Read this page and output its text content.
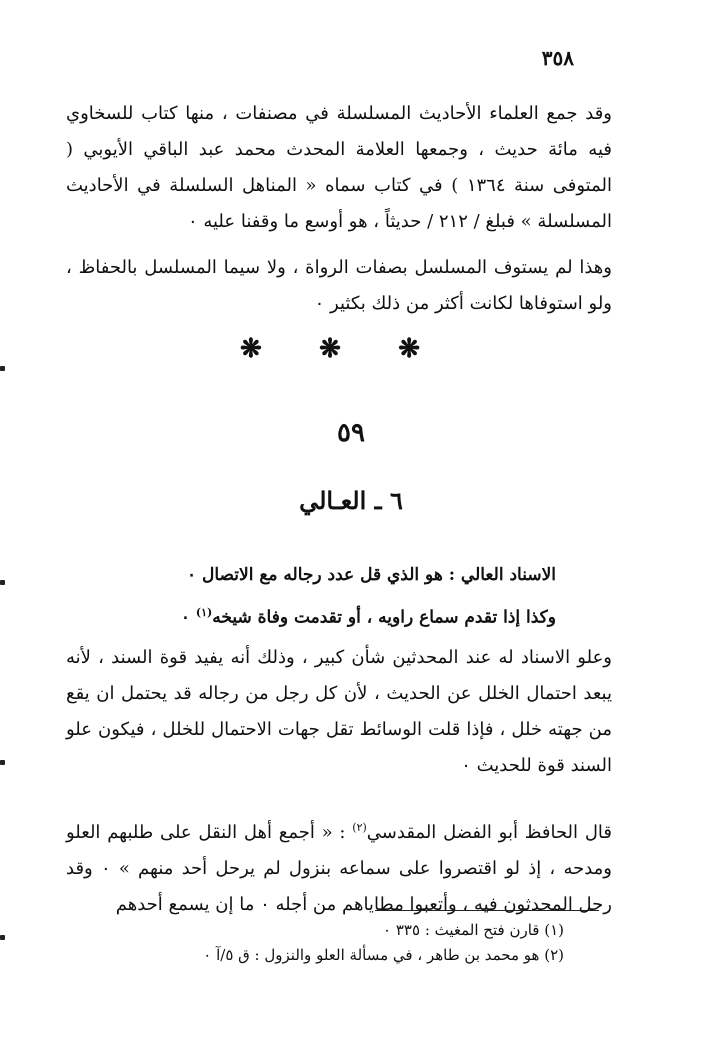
٣٥٨

وقد جمع العلماء الأحاديث المسلسلة في مصنفات ، منها كتاب للسخاوي فيه مائة حديث ، وجمعها العلامة المحدث محمد عبد الباقي الأيوبي ( المتوفى سنة ١٣٦٤ ) في كتاب سماه « المناهل السلسلة في الأحاديث المسلسلة » فبلغ / ٢١٢ / حديثاً ، هو أوسع ما وقفنا عليه ٠

وهذا لم يستوف المسلسل بصفات الرواة ، ولا سيما المسلسل بالحفاظ ، ولو استوفاها لكانت أكثر من ذلك بكثير ٠

❋ ❋ ❋
٥٩
٦ ـ العـالي
الاسناد العالي : هو الذي قل عدد رجاله مع الاتصال ٠
وكذا إذا تقدم سماع راويه ، أو تقدمت وفاة شيخه$^{(١)}$ ٠

وعلو الاسناد له عند المحدثين شأن كبير ، وذلك أنه يفيد قوة السند ، لأنه يبعد احتمال الخلل عن الحديث ، لأن كل رجل من رجاله قد يحتمل ان يقع من جهته خلل ، فإذا قلت الوسائط تقل جهات الاحتمال للخلل ، فيكون علو السند قوة للحديث ٠

قال الحافظ أبو الفضل المقدسي$^{(٢)}$ : « أجمع أهل النقل على طلبهم العلو ومدحه ، إذ لو اقتصروا على سماعه بنزول لم يرحل أحد منهم » ٠ وقد رحل المحدثون فيه ، وأتعبوا مطاياهم من أجله ٠ ما إن يسمع أحدهم

(١) قارن فتح المغيث : ٣٣٥ ٠
(٢) هو محمد بن طاهر ، في مسألة العلو والنزول : ق ٥/آ ٠
